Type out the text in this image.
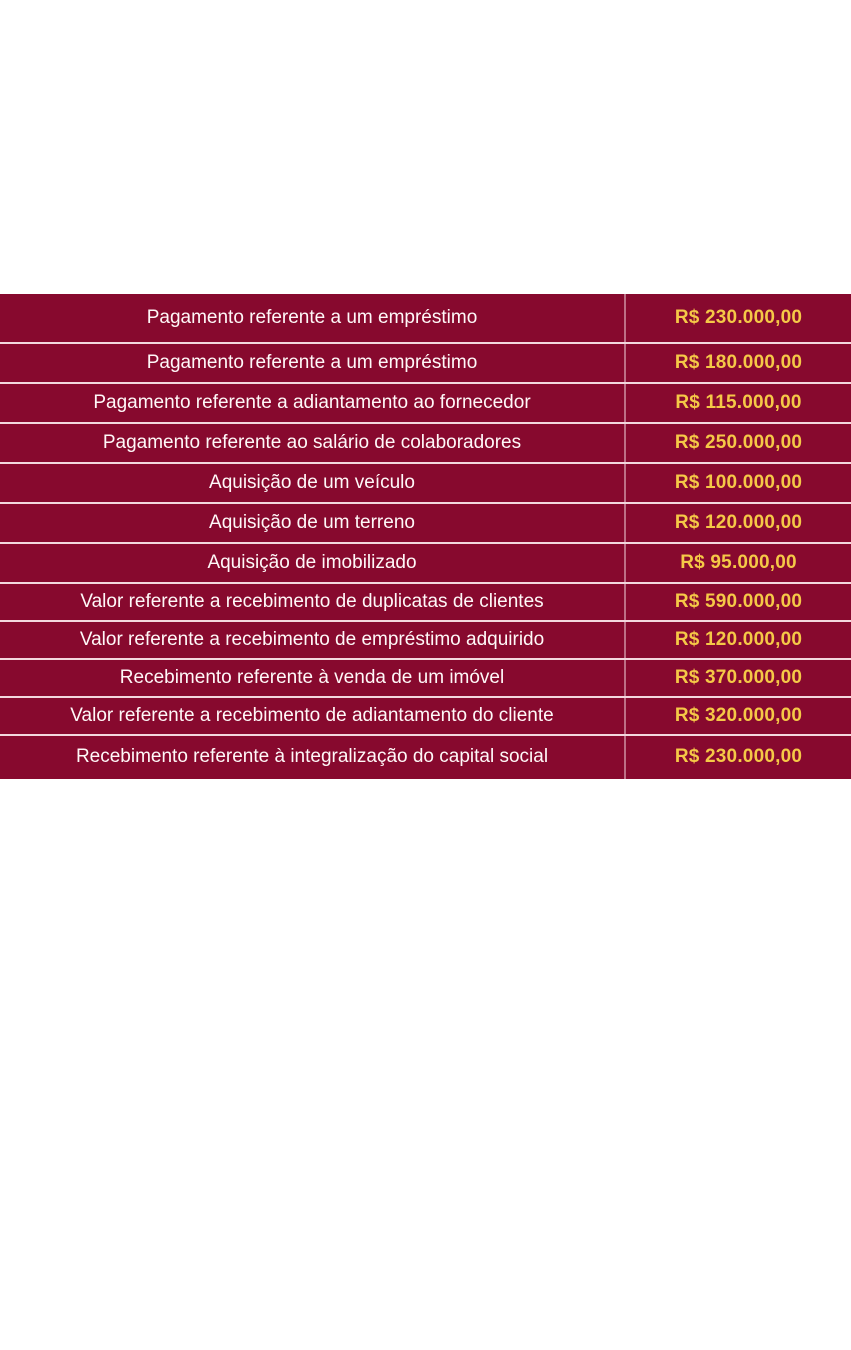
Pagamento referente a um empréstimo	R$ 230.000,00
Pagamento referente a um empréstimo	R$ 180.000,00
Pagamento referente a adiantamento ao fornecedor	R$ 115.000,00
Pagamento referente ao salário de colaboradores	R$ 250.000,00
Aquisição de um veículo	R$ 100.000,00
Aquisição de um terreno	R$ 120.000,00
Aquisição de imobilizado	R$ 95.000,00
Valor referente a recebimento de duplicatas de clientes	R$ 590.000,00
Valor referente a recebimento de empréstimo adquirido	R$ 120.000,00
Recebimento referente à venda de um imóvel	R$ 370.000,00
Valor referente a recebimento de adiantamento do cliente	R$ 320.000,00
Recebimento referente à integralização do capital social	R$ 230.000,00
